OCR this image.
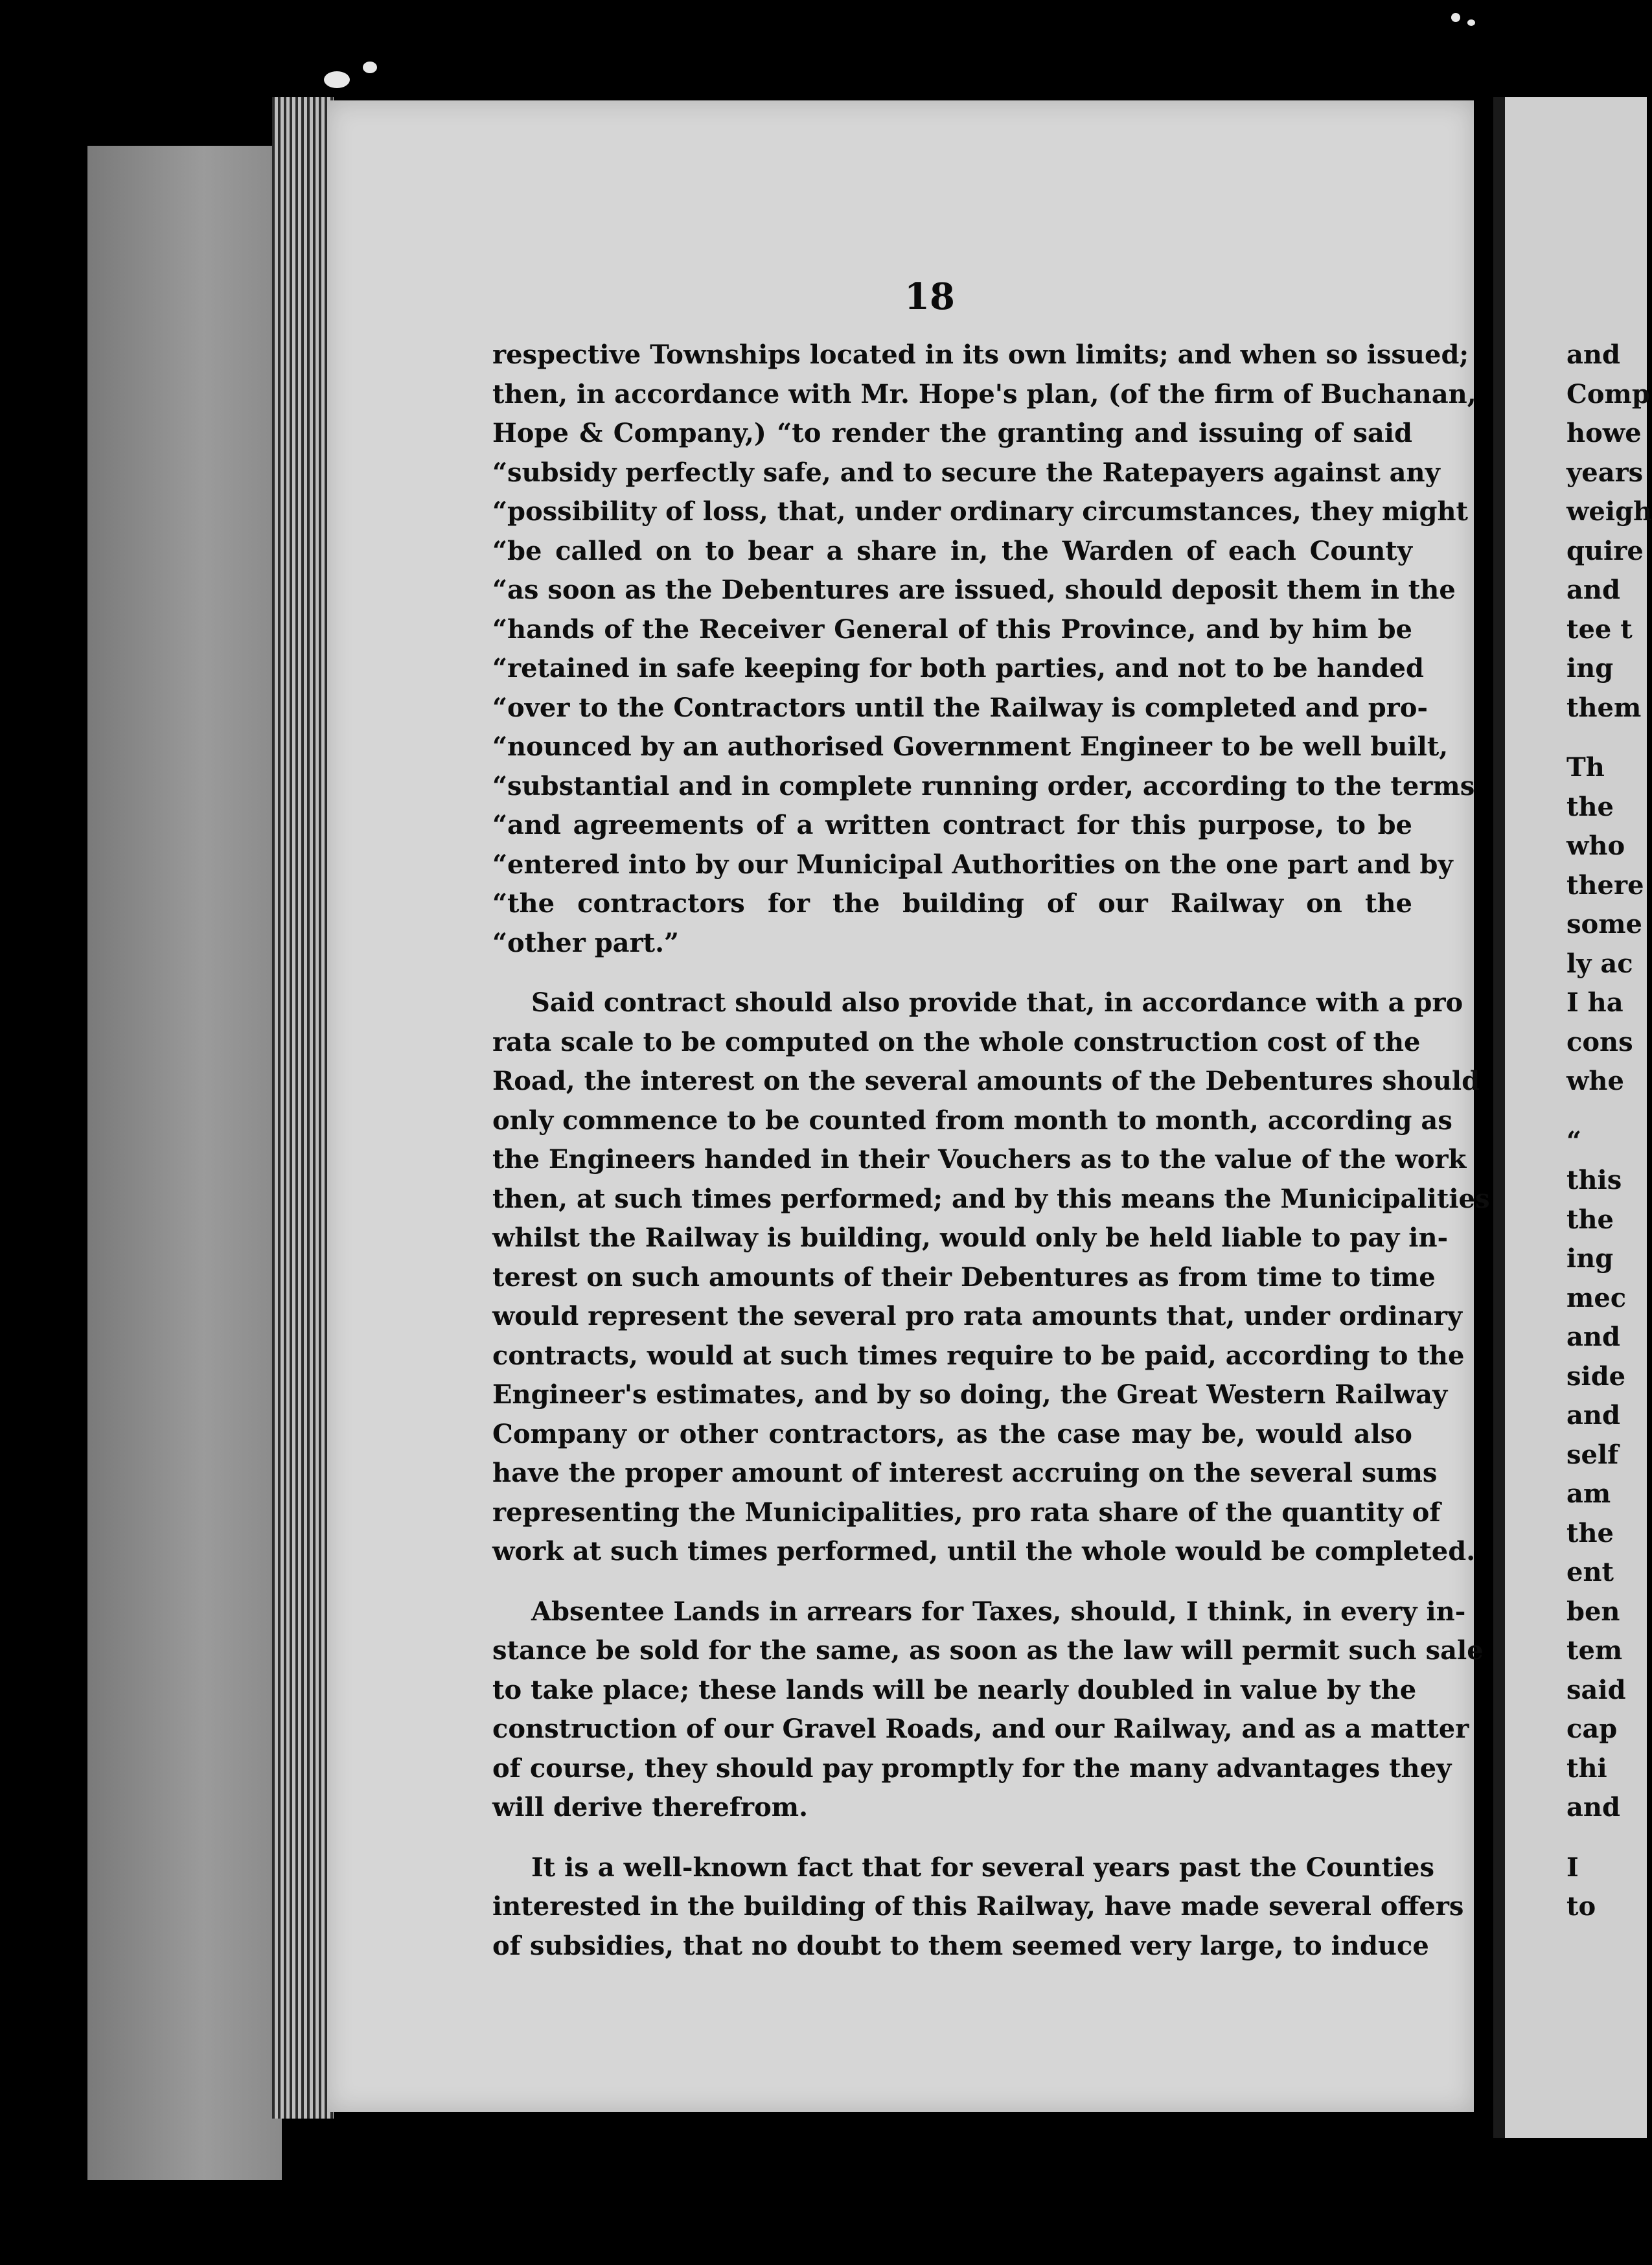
18
respective Townships located in its own limits; and when so issued;
then, in accordance with Mr. Hope's plan, (of the firm of Buchanan,
Hope & Company,) “to render the granting and issuing of said
“subsidy perfectly safe, and to secure the Ratepayers against any
“possibility of loss, that, under ordinary circumstances, they might
“be called on to bear a share in, the Warden of each County
“as soon as the Debentures are issued, should deposit them in the
“hands of the Receiver General of this Province, and by him be
“retained in safe keeping for both parties, and not to be handed
“over to the Contractors until the Railway is completed and pro-
“nounced by an authorised Government Engineer to be well built,
“substantial and in complete running order, according to the terms
“and agreements of a written contract for this purpose, to be
“entered into by our Municipal Authorities on the one part and by
“the contractors for the building of our Railway on the
“other part.”
Said contract should also provide that, in accordance with a pro
rata scale to be computed on the whole construction cost of the
Road, the interest on the several amounts of the Debentures should
only commence to be counted from month to month, according as
the Engineers handed in their Vouchers as to the value of the work
then, at such times performed; and by this means the Municipalities
whilst the Railway is building, would only be held liable to pay in-
terest on such amounts of their Debentures as from time to time
would represent the several pro rata amounts that, under ordinary
contracts, would at such times require to be paid, according to the
Engineer's estimates, and by so doing, the Great Western Railway
Company or other contractors, as the case may be, would also
have the proper amount of interest accruing on the several sums
representing the Municipalities, pro rata share of the quantity of
work at such times performed, until the whole would be completed.
Absentee Lands in arrears for Taxes, should, I think, in every in-
stance be sold for the same, as soon as the law will permit such sale
to take place; these lands will be nearly doubled in value by the
construction of our Gravel Roads, and our Railway, and as a matter
of course, they should pay promptly for the many advantages they
will derive therefrom.
It is a well-known fact that for several years past the Counties
interested in the building of this Railway, have made several offers
of subsidies, that no doubt to them seemed very large, to induce
and
Comp
howe
years
weigh
quire
and
tee t
ing
them
Th
the
who
there
some
ly ac
I ha
cons
whe
“
this
the
ing
mec
and
side
and
self
am
the
ent
ben
tem
said
cap
thi
and
I
to
